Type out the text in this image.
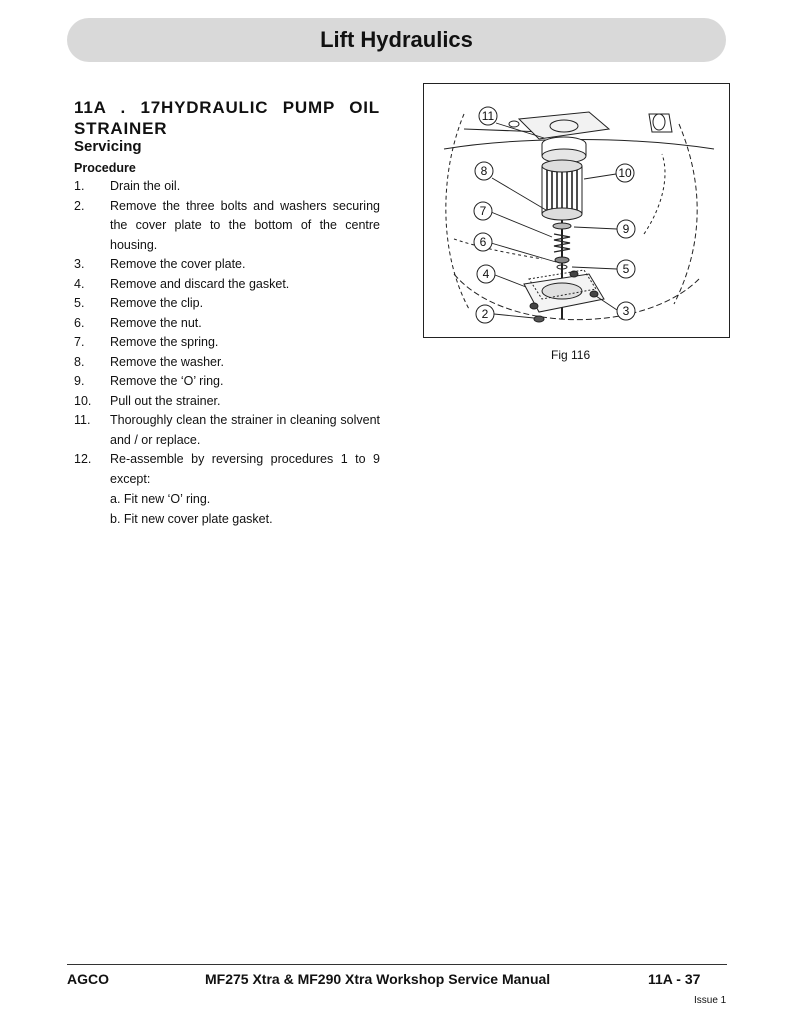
Lift Hydraulics
11A . 17HYDRAULIC PUMP OIL STRAINER
Servicing
Procedure
1.	Drain the oil.
2.	Remove the three bolts and washers securing the cover plate to the bottom of the centre housing.
3.	Remove the cover plate.
4.	Remove and discard the gasket.
5.	Remove the clip.
6.	Remove the nut.
7.	Remove the spring.
8.	Remove the washer.
9.	Remove the ‘O’ ring.
10.	Pull out the strainer.
11.	Thoroughly clean the strainer in cleaning solvent and / or replace.
12.	Re-assemble by reversing procedures 1 to 9 except:
a. Fit new ‘O’ ring.
b. Fit new cover plate gasket.
11
8	10
7
9
6
5
4
3
2
Fig 116
AGCO	MF275 Xtra & MF290 Xtra Workshop Service Manual	11A - 37
Issue 1
